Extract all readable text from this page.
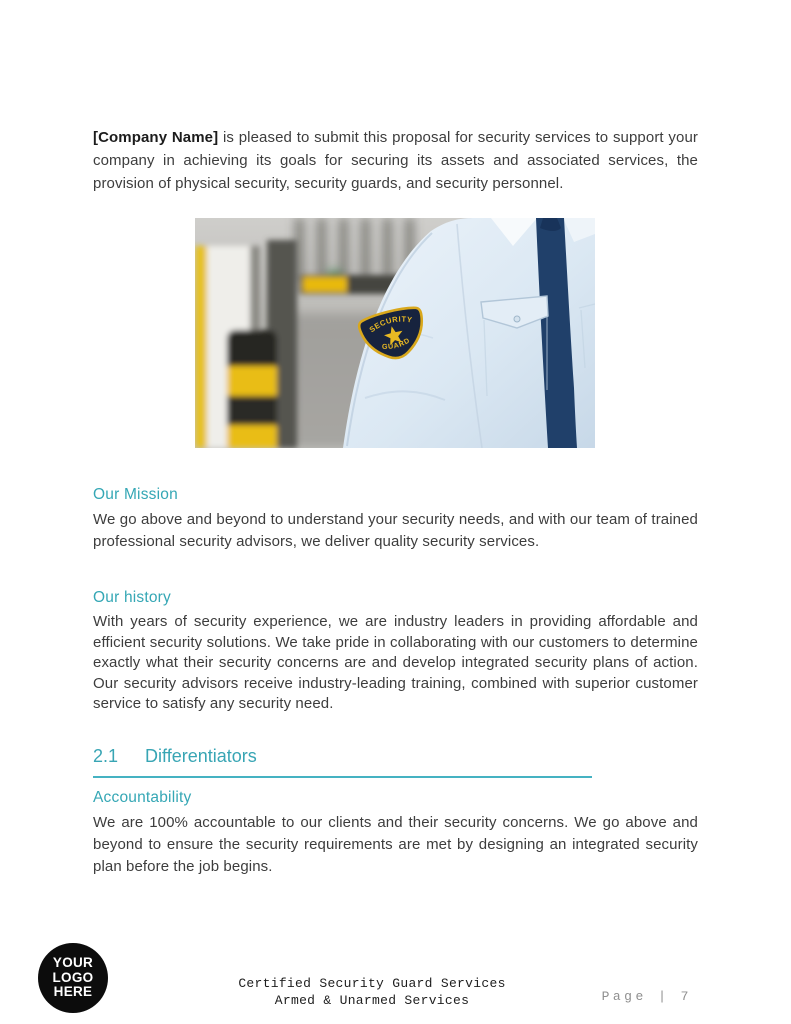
[Company Name] is pleased to submit this proposal for security services to support your company in achieving its goals for securing its assets and associated services, the provision of physical security, security guards, and security personnel.

SECURITY
GUARD
Our Mission

We go above and beyond to understand your security needs, and with our team of trained professional security advisors, we deliver quality security services.

Our history

With years of security experience, we are industry leaders in providing affordable and efficient security solutions. We take pride in collaborating with our customers to determine exactly what their security concerns are and develop integrated security plans of action. Our security advisors receive industry-leading training, combined with superior customer service to satisfy any security need.

2.1 Differentiators
Accountability

We are 100% accountable to our clients and their security concerns. We go above and beyond to ensure the security requirements are met by designing an integrated security plan before the job begins.

YOUR
LOGO
HERE
Certified Security Guard Services
Armed & Unarmed Services	Page | 7
